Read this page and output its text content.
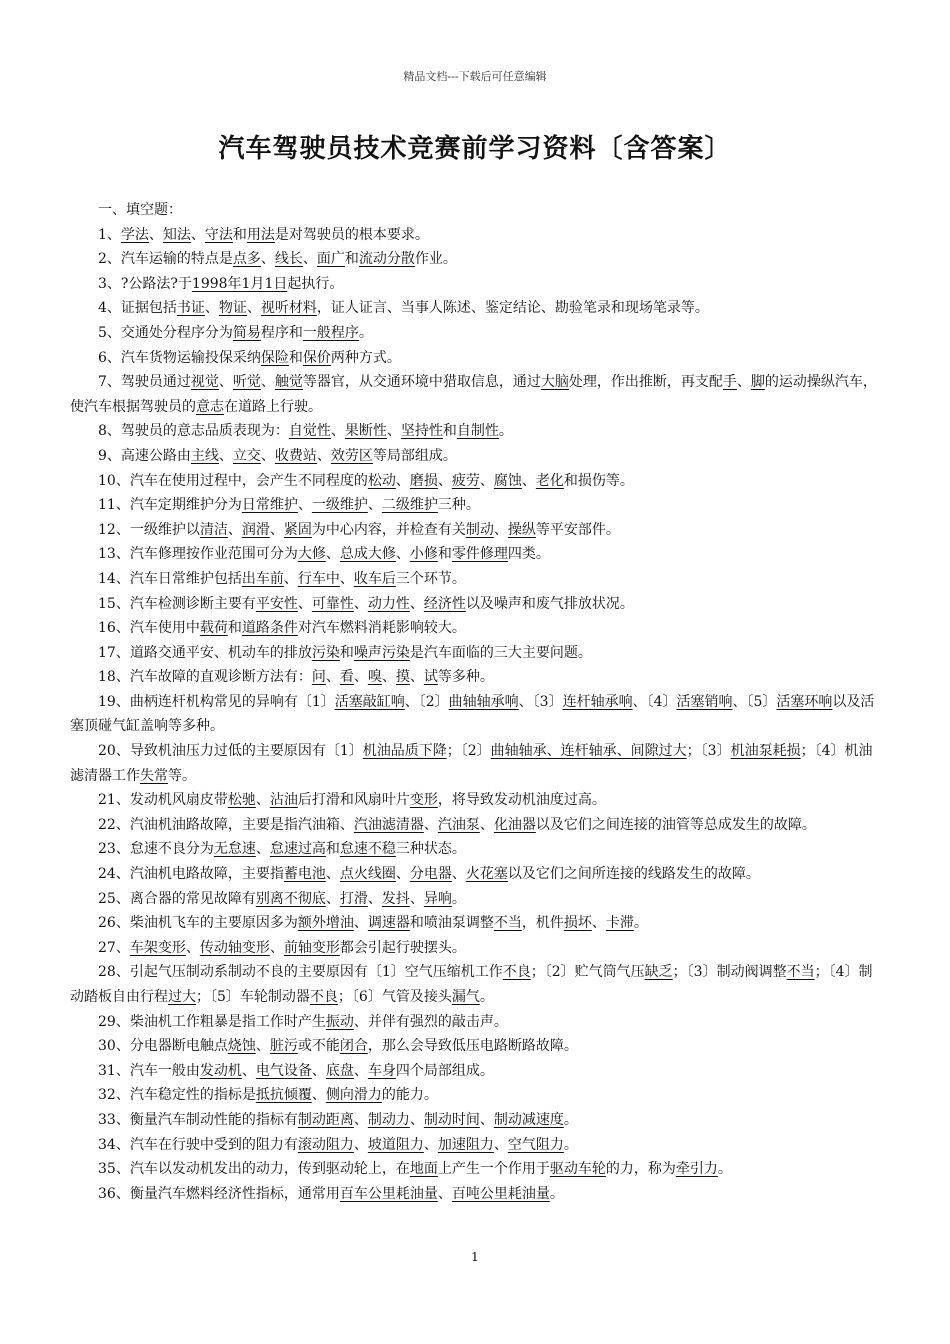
精品文档---下载后可任意编辑
汽车驾驶员技术竞赛前学习资料〔含答案〕

一、填空题：

1、学法、知法、守法和用法是对驾驶员的根本要求。

2、汽车运输的特点是点多、线长、面广和流动分散作业。

3、?公路法?于1998年1月1日起执行。

4、证据包括书证、物证、视听材料，证人证言、当事人陈述、鉴定结论、勘验笔录和现场笔录等。

5、交通处分程序分为简易程序和一般程序。

6、汽车货物运输投保采纳保险和保价两种方式。

7、驾驶员通过视觉、听觉、触觉等器官，从交通环境中猎取信息，通过大脑处理，作出推断，再支配手、脚的运动操纵汽车，使汽车根据驾驶员的意志在道路上行驶。

8、驾驶员的意志品质表现为：自觉性、果断性、坚持性和自制性。

9、高速公路由主线、立交、收费站、效劳区等局部组成。

10、汽车在使用过程中，会产生不同程度的松动、磨损、疲劳、腐蚀、老化和损伤等。

11、汽车定期维护分为日常维护、一级维护、二级维护三种。

12、一级维护以清洁、润滑、紧固为中心内容，并检查有关制动、操纵等平安部件。

13、汽车修理按作业范围可分为大修、总成大修、小修和零件修理四类。

14、汽车日常维护包括出车前、行车中、收车后三个环节。

15、汽车检测诊断主要有平安性、可靠性、动力性、经济性以及噪声和废气排放状况。

16、汽车使用中载荷和道路条件对汽车燃料消耗影响较大。

17、道路交通平安、机动车的排放污染和噪声污染是汽车面临的三大主要问题。

18、汽车故障的直观诊断方法有：问、看、嗅、摸、试等多种。

19、曲柄连杆机构常见的异响有〔1〕活塞敲缸响、〔2〕曲轴轴承响、〔3〕连杆轴承响、〔4〕活塞销响、〔5〕活塞环响以及活塞顶碰气缸盖响等多种。

20、导致机油压力过低的主要原因有〔1〕机油品质下降；〔2〕曲轴轴承、连杆轴承、间隙过大；〔3〕机油泵耗损；〔4〕机油滤清器工作失常等。

21、发动机风扇皮带松驰、沾油后打滑和风扇叶片变形，将导致发动机油度过高。

22、汽油机油路故障，主要是指汽油箱、汽油滤清器、汽油泵、化油器以及它们之间连接的油管等总成发生的故障。

23、怠速不良分为无怠速、怠速过高和怠速不稳三种状态。

24、汽油机电路故障，主要指蓄电池、点火线圈、分电器、火花塞以及它们之间所连接的线路发生的故障。

25、离合器的常见故障有别离不彻底、打滑、发抖、异响。

26、柴油机飞车的主要原因多为额外增油、调速器和喷油泵调整不当，机件损坏、卡滞。

27、车架变形、传动轴变形、前轴变形都会引起行驶摆头。

28、引起气压制动系制动不良的主要原因有〔1〕空气压缩机工作不良；〔2〕贮气筒气压缺乏；〔3〕制动阀调整不当；〔4〕制动踏板自由行程过大；〔5〕车轮制动器不良；〔6〕气管及接头漏气。

29、柴油机工作粗暴是指工作时产生振动、并伴有强烈的敲击声。

30、分电器断电触点烧蚀、脏污或不能闭合，那么会导致低压电路断路故障。

31、汽车一般由发动机、电气设备、底盘、车身四个局部组成。

32、汽车稳定性的指标是抵抗倾覆、侧向滑力的能力。

33、衡量汽车制动性能的指标有制动距离、制动力、制动时间、制动减速度。

34、汽车在行驶中受到的阻力有滚动阻力、坡道阻力、加速阻力、空气阻力。

35、汽车以发动机发出的动力，传到驱动轮上，在地面上产生一个作用于驱动车轮的力，称为牵引力。

36、衡量汽车燃料经济性指标，通常用百车公里耗油量、百吨公里耗油量。

1
